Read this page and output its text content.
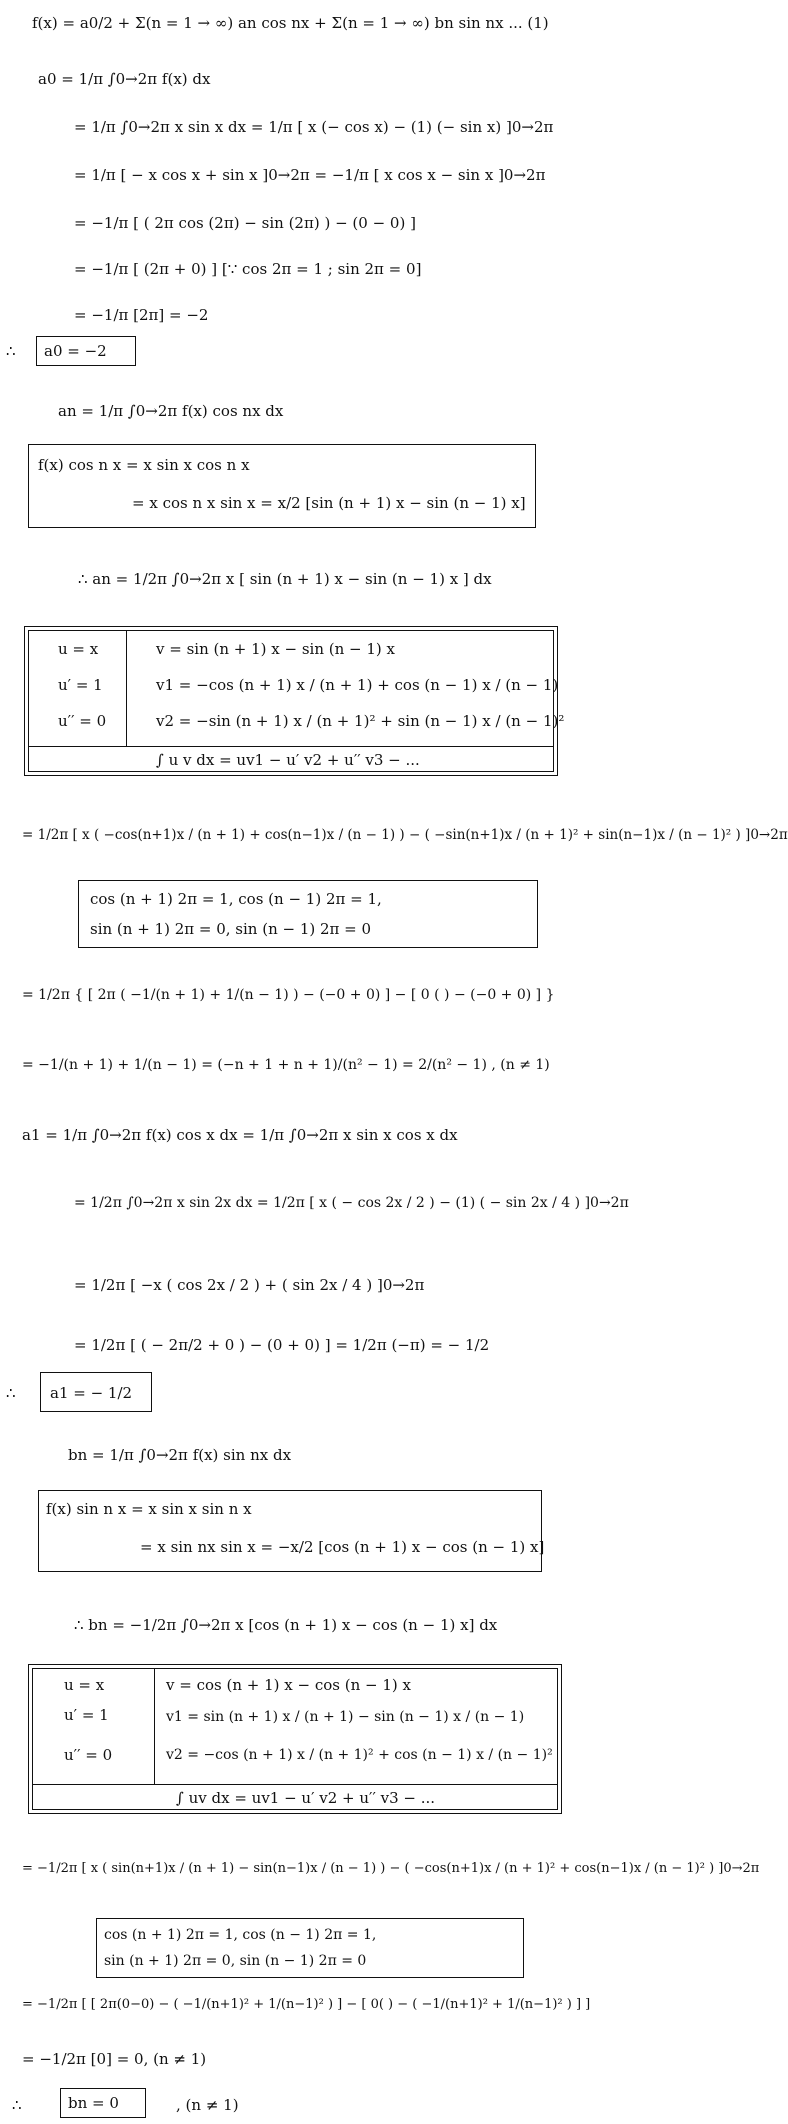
f(x) = a0/2 + Σ(n = 1 → ∞) an cos nx + Σ(n = 1 → ∞) bn sin nx ... (1)
a0 = 1/π ∫0→2π f(x) dx
= 1/π ∫0→2π x sin x dx = 1/π [ x (− cos x) − (1) (− sin x) ]0→2π
= 1/π [ − x cos x + sin x ]0→2π = −1/π [ x cos x − sin x ]0→2π
= −1/π [ ( 2π cos (2π) − sin (2π) ) − (0 − 0) ]
= −1/π [ (2π + 0) ] [∵ cos 2π = 1 ; sin 2π = 0]
= −1/π [2π] = −2
∴ a0 = −2
an = 1/π ∫0→2π f(x) cos nx dx
f(x) cos n x = x sin x cos n x
= x cos n x sin x = x/2 [sin (n + 1) x − sin (n − 1) x]
∴ an = 1/2π ∫0→2π x [ sin (n + 1) x − sin (n − 1) x ] dx
u = x
u′ = 1
u′′ = 0
v = sin (n + 1) x − sin (n − 1) x
v1 = −cos (n + 1) x / (n + 1) + cos (n − 1) x / (n − 1)
v2 = −sin (n + 1) x / (n + 1)² + sin (n − 1) x / (n − 1)²
∫ u v dx = uv1 − u′ v2 + u′′ v3 − ...
= 1/2π [ x ( −cos(n+1)x / (n + 1) + cos(n−1)x / (n − 1) ) − ( −sin(n+1)x / (n + 1)² + sin(n−1)x / (n − 1)² ) ]0→2π
cos (n + 1) 2π = 1, cos (n − 1) 2π = 1,
sin (n + 1) 2π = 0, sin (n − 1) 2π = 0
= 1/2π { [ 2π ( −1/(n + 1) + 1/(n − 1) ) − (−0 + 0) ] − [ 0 ( ) − (−0 + 0) ] }
= −1/(n + 1) + 1/(n − 1) = (−n + 1 + n + 1)/(n² − 1) = 2/(n² − 1) , (n ≠ 1)
a1 = 1/π ∫0→2π f(x) cos x dx = 1/π ∫0→2π x sin x cos x dx
= 1/2π ∫0→2π x sin 2x dx = 1/2π [ x ( − cos 2x / 2 ) − (1) ( − sin 2x / 4 ) ]0→2π
= 1/2π [ −x ( cos 2x / 2 ) + ( sin 2x / 4 ) ]0→2π
= 1/2π [ ( − 2π/2 + 0 ) − (0 + 0) ] = 1/2π (−π) = − 1/2
∴ a1 = − 1/2
bn = 1/π ∫0→2π f(x) sin nx dx
f(x) sin n x = x sin x sin n x
= x sin nx sin x = −x/2 [cos (n + 1) x − cos (n − 1) x]
∴ bn = −1/2π ∫0→2π x [cos (n + 1) x − cos (n − 1) x] dx
u = x
u′ = 1
u′′ = 0
v = cos (n + 1) x − cos (n − 1) x
v1 = sin (n + 1) x / (n + 1) − sin (n − 1) x / (n − 1)
v2 = −cos (n + 1) x / (n + 1)² + cos (n − 1) x / (n − 1)²
∫ uv dx = uv1 − u′ v2 + u′′ v3 − ...
= −1/2π [ x ( sin(n+1)x / (n + 1) − sin(n−1)x / (n − 1) ) − ( −cos(n+1)x / (n + 1)² + cos(n−1)x / (n − 1)² ) ]0→2π
cos (n + 1) 2π = 1, cos (n − 1) 2π = 1,
sin (n + 1) 2π = 0, sin (n − 1) 2π = 0
= −1/2π [ [ 2π(0−0) − ( −1/(n+1)² + 1/(n−1)² ) ] − [ 0( ) − ( −1/(n+1)² + 1/(n−1)² ) ] ]
= −1/2π [0] = 0, (n ≠ 1)
∴	bn = 0	, (n ≠ 1)
